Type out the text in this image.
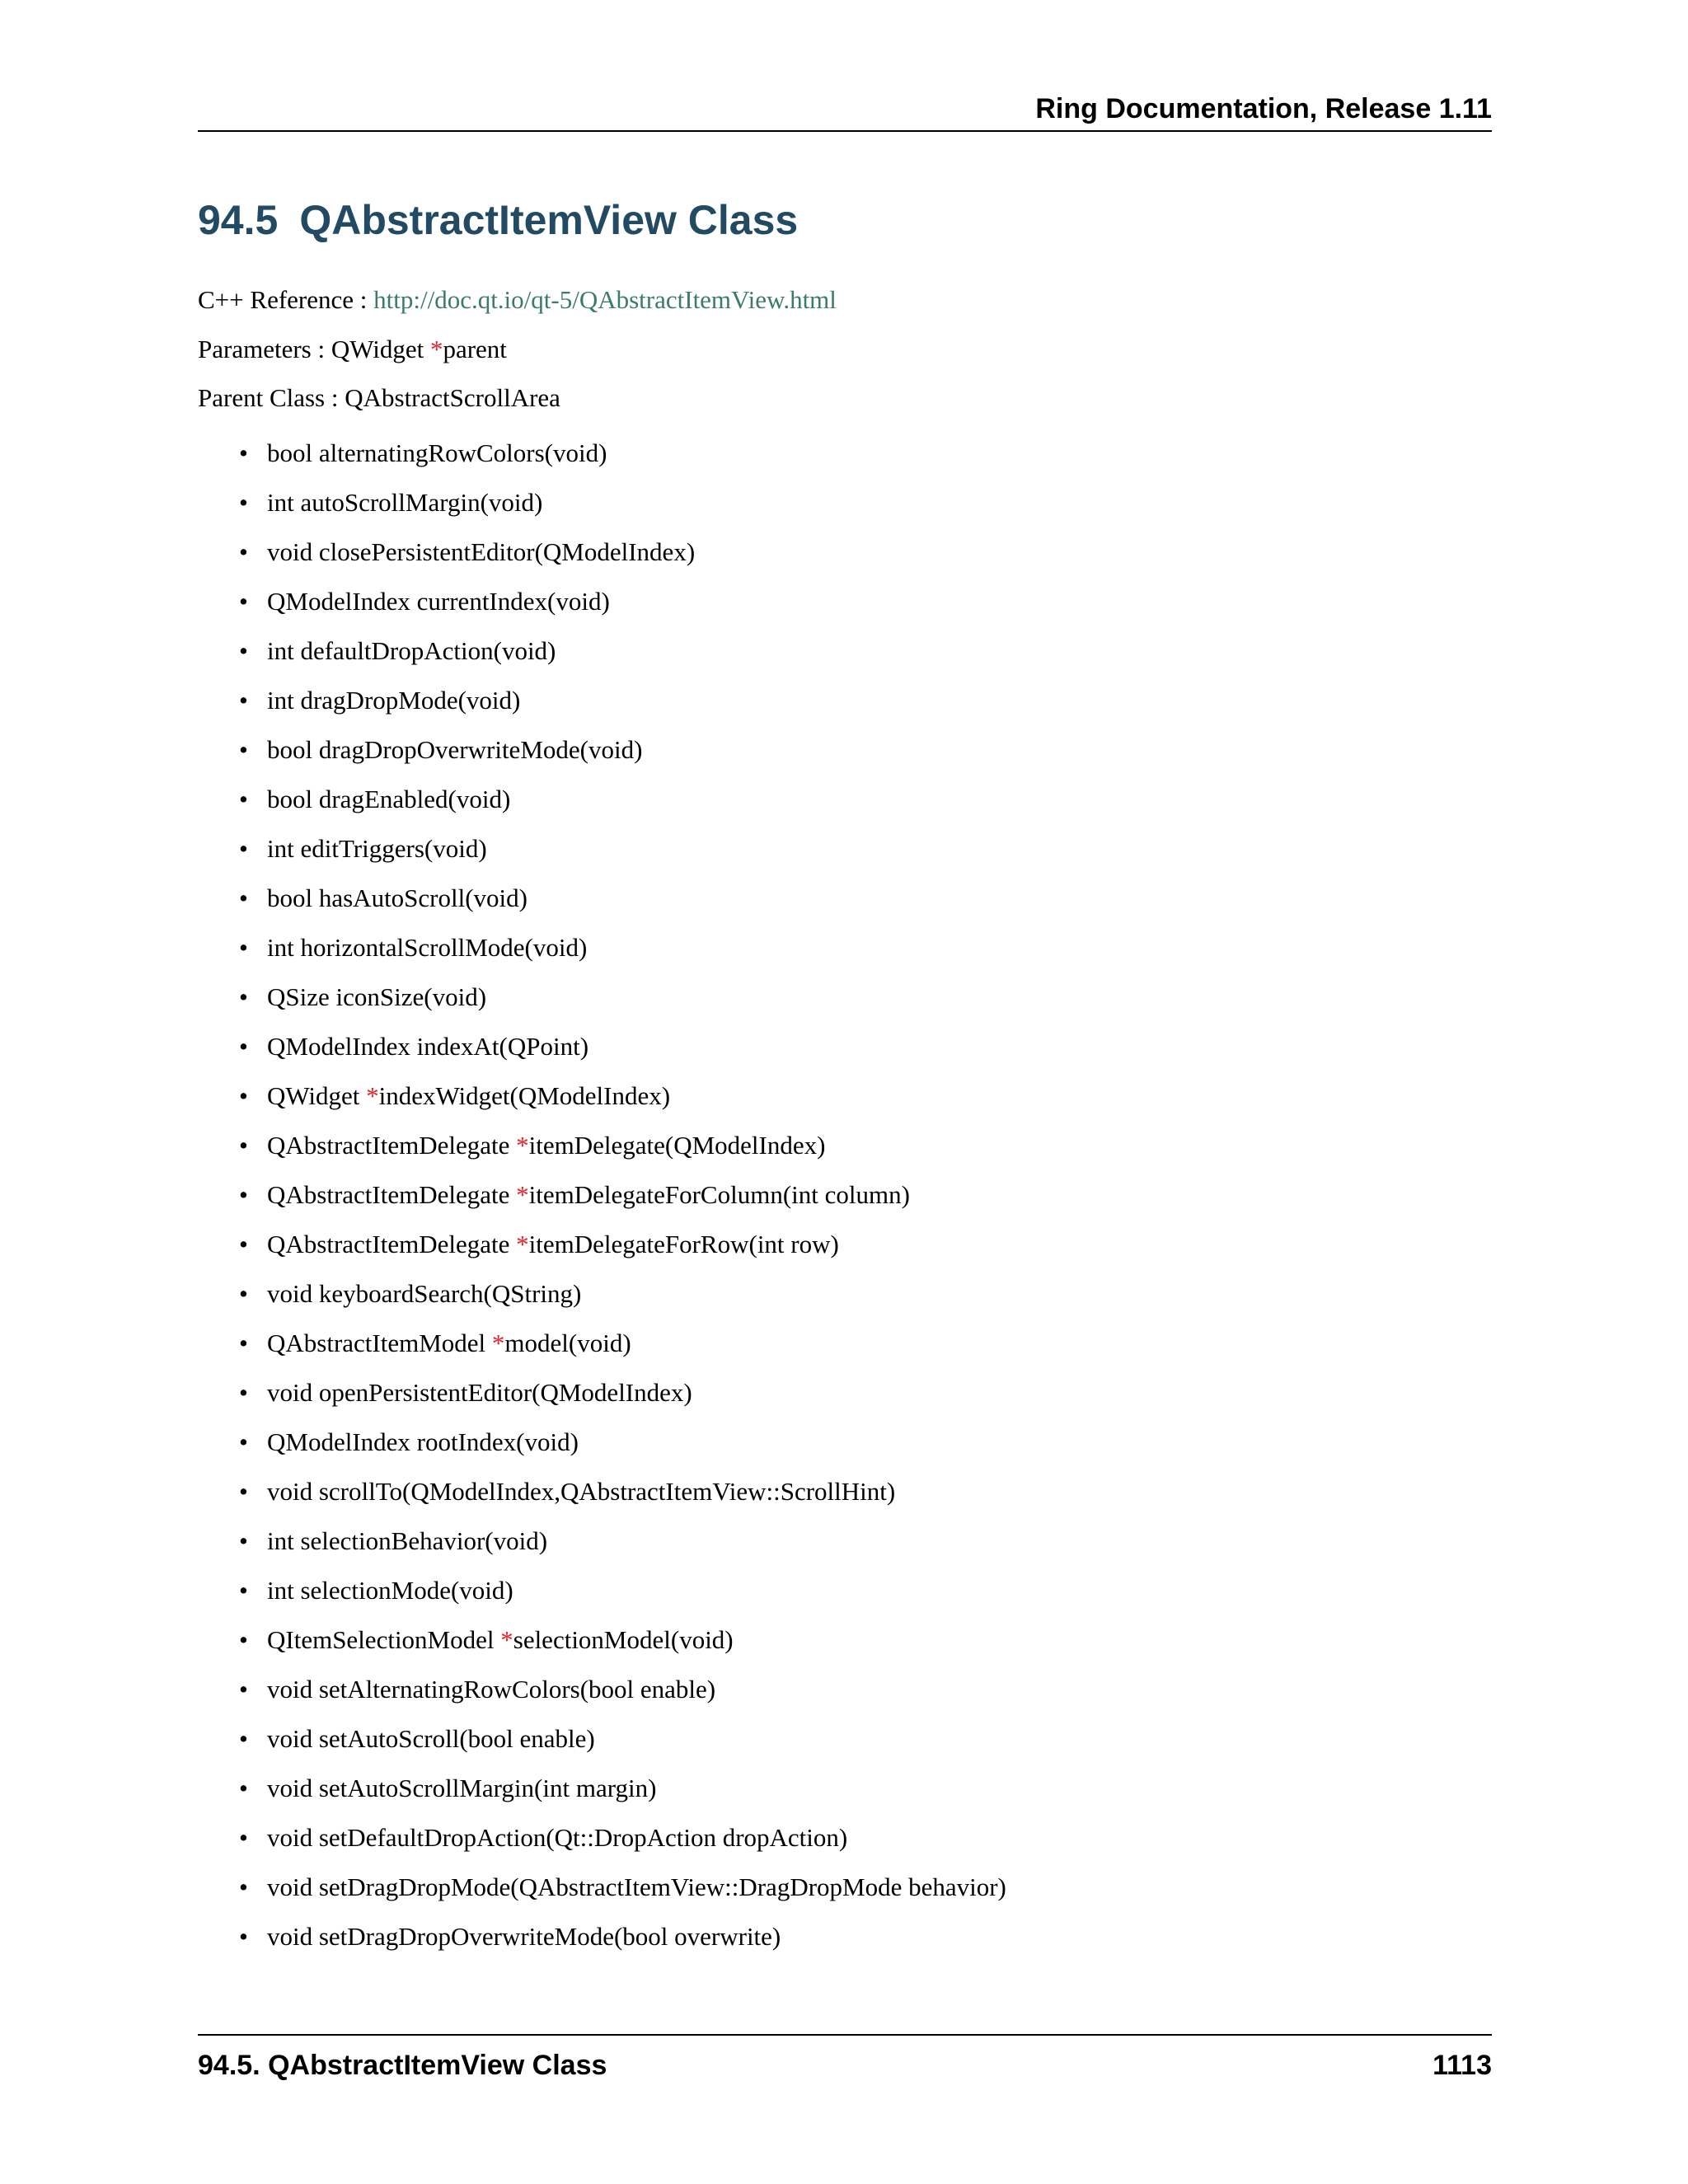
Ring Documentation, Release 1.11
94.5 QAbstractItemView Class
C++ Reference : http://doc.qt.io/qt-5/QAbstractItemView.html
Parameters : QWidget *parent
Parent Class : QAbstractScrollArea
• bool alternatingRowColors(void)
• int autoScrollMargin(void)
• void closePersistentEditor(QModelIndex)
• QModelIndex currentIndex(void)
• int defaultDropAction(void)
• int dragDropMode(void)
• bool dragDropOverwriteMode(void)
• bool dragEnabled(void)
• int editTriggers(void)
• bool hasAutoScroll(void)
• int horizontalScrollMode(void)
• QSize iconSize(void)
• QModelIndex indexAt(QPoint)
• QWidget *indexWidget(QModelIndex)
• QAbstractItemDelegate *itemDelegate(QModelIndex)
• QAbstractItemDelegate *itemDelegateForColumn(int column)
• QAbstractItemDelegate *itemDelegateForRow(int row)
• void keyboardSearch(QString)
• QAbstractItemModel *model(void)
• void openPersistentEditor(QModelIndex)
• QModelIndex rootIndex(void)
• void scrollTo(QModelIndex,QAbstractItemView::ScrollHint)
• int selectionBehavior(void)
• int selectionMode(void)
• QItemSelectionModel *selectionModel(void)
• void setAlternatingRowColors(bool enable)
• void setAutoScroll(bool enable)
• void setAutoScrollMargin(int margin)
• void setDefaultDropAction(Qt::DropAction dropAction)
• void setDragDropMode(QAbstractItemView::DragDropMode behavior)
• void setDragDropOverwriteMode(bool overwrite)
94.5. QAbstractItemView Class	1113
